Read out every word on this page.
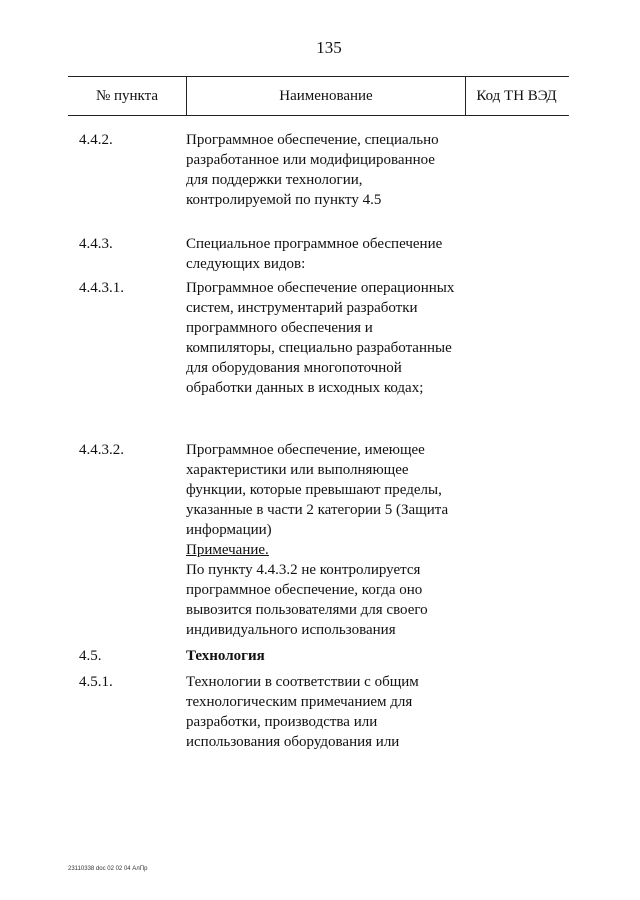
135
№ пункта	Наименование	Код ТН ВЭД
4.4.2.	Программное обеспечение, специально разработанное или модифицированное для поддержки технологии, контролируемой по пункту 4.5
4.4.3.	Специальное программное обеспечение следующих видов:
4.4.3.1.	Программное обеспечение операционных систем, инструментарий разработки программного обеспечения и компиляторы, специально разработанные для оборудования многопоточной обработки данных в исходных кодах;
4.4.3.2.	Программное обеспечение, имеющее характеристики или выполняющее функции, которые превышают пределы, указанные в части 2 категории 5 (Защита информации)
Примечание.
По пункту 4.4.3.2 не контролируется программное обеспечение, когда оно вывозится пользователями для своего индивидуального использования
4.5.	Технология
4.5.1.	Технологии в соответствии с общим технологическим примечанием для разработки, производства или использования оборудования или
23110338 doc 02 02 04 АлПр
